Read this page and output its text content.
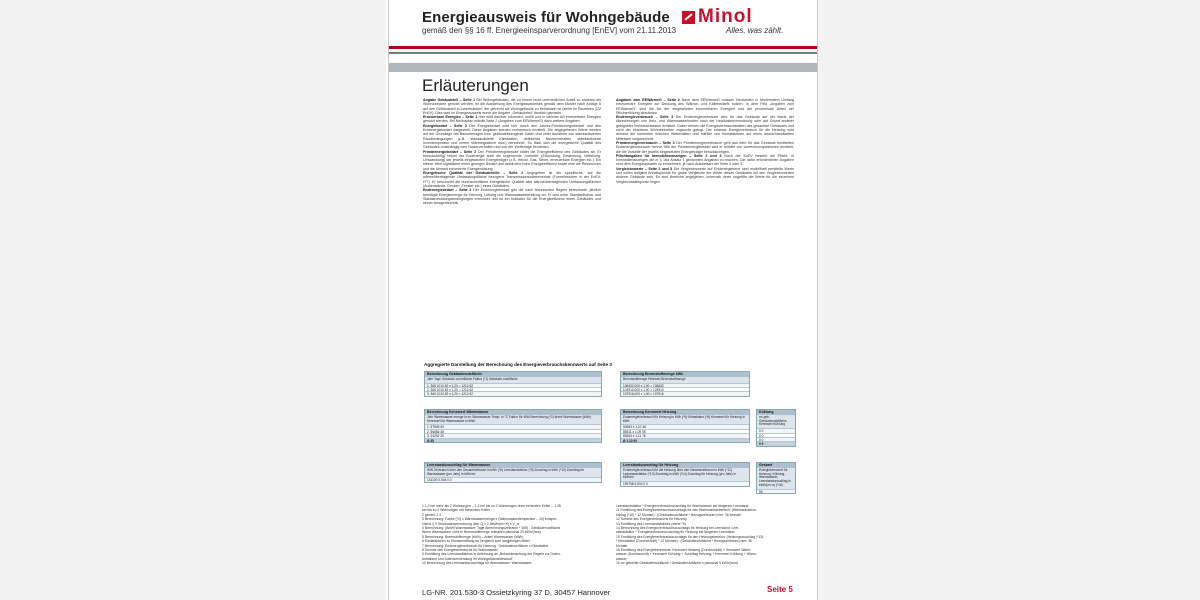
Energieausweis für Wohngebäude
gemäß den §§ 16 ff. Energieeinsparverordnung [EnEV] vom 21.11.2013
Minol
Alles, was zählt.
Erläuterungen

Angabe Gebäudeteil – Seite 1 Bei Wohngebäuden, die zu einem nicht unerheblichen Anteil zu anderen als Wohnzwecken genutzt werden, ist die Ausstellung des Energieausweises gemäß dem Muster nach Anlage 6 auf den Gebäudeteil zu beschränken, der getrennt als Wohngebäude zu behandeln ist (siehe im Einzelnen §22 EnEV). Dies wird im Energieausweis durch die Angabe „Gebäudeteil“ deutlich gemacht.

Erneuerbare Energien – Seite 1 Hier wird darüber informiert, wofür und in welcher Art erneuerbare Energien genutzt werden. Bei Neubauten enthält Seite 2 (Angaben zum EEWärmeG) dazu weitere Angaben.

Energiebedarf – Seite 2 Der Energiebedarf wird hier durch den Jahres-Primärenergiebedarf und den Endenergiebedarf dargestellt. Diese Angaben werden rechnerisch ermittelt. Die angegebenen Werte werden auf der Grundlage der Bauunterlagen bzw. gebäudebezogener Daten und unter Annahme von standardisierten Randbedingungen (z.B. standardisierte Klimadaten, definiertes Nutzerverhalten, standardisierte Innentemperatur und innere Wärmegewinne usw.) berechnet. So lässt sich die energetische Qualität des Gebäudes unabhängig vom Nutzerverhalten und von der Wetterlage beurteilen.

Primärenergiebedarf – Seite 2 Der Primärenergiebedarf bildet die Energieeffizienz des Gebäudes ab. Er berücksichtigt neben der Endenergie auch die sogenannte „Vorkette“ (Erkundung, Gewinnung, Verteilung, Umwandlung) der jeweils eingesetzten Energieträger (z.B. Heizöl, Gas, Strom, erneuerbare Energien etc.). Ein kleiner Wert signalisiert einen geringen Bedarf und damit eine hohe Energieeffizienz sowie eine die Ressourcen und die Umwelt schonende Energienutzung.

Energetische Qualität der Gebäudehülle – Seite 2 Angegeben ist der spezifische, auf die wärmeübertragende Umfassungsfläche bezogene Transmissionswärmeverlust (Formelzeichen in der EnEV: H'T). Er beschreibt die durchschnittliche energetische Qualität aller wärmeübertragenden Umfassungsflächen (Außenwände, Decken, Fenster etc.) eines Gebäudes.

Endenergiebedarf – Seite 2 Der Endenergiebedarf gibt die nach technischen Regeln berechnete, jährlich benötigte Energiemenge für Heizung, Lüftung und Warmwasserbereitung an. Er wird unter Standardklima- und Standardnutzungsbedingungen errechnet und ist ein Indikator für die Energieeffizienz eines Gebäudes und seiner Anlagentechnik.

Angaben zum EEWärmeG – Seite 2 Nach dem EEWärmeG müssen Neubauten in bestimmtem Umfang erneuerbare Energien zur Deckung des Wärme- und Kältebedarfs nutzen. In dem Feld „Angaben zum EEWärmeG“ sind die Art der eingesetzten erneuerbaren Energien und der prozentuale Anteil der Pflichterfüllung abzulesen.

Endenergieverbrauch – Seite 3 Der Endenergieverbrauch wird für das Gebäude auf der Basis der Abrechnungen von Heiz- und Warmwasserkosten nach der Heizkostenverordnung oder auf Grund anderer geeigneter Verbrauchsdaten ermittelt. Dabei werden die Energieverbrauchsdaten des gesamten Gebäudes und nicht der einzelnen Wohneinheiten zugrunde gelegt. Der erfasste Energieverbrauch für die Heizung wird anhand der konkreten örtlichen Wetterdaten und mithilfe von Klimafaktoren auf einen deutschlandweiten Mittelwert umgerechnet.

Primärenergieverbrauch – Seite 3 Der Primärenergieverbrauch geht aus dem für das Gebäude ermittelten Endenergieverbrauch hervor. Wie der Primärenergiebedarf wird er mithilfe von Umrechnungsfaktoren ermittelt, die die Vorkette der jeweils eingesetzten Energieträger berücksichtigen.

Pflichtangaben für Immobilienanzeigen – Seite 2 und 3 Nach der EnEV besteht die Pflicht, in Immobilienanzeigen die in § 16a Absatz 1 genannten Angaben zu machen. Die dafür erforderlichen Angaben sind dem Energieausweis zu entnehmen, je nach Ausweisart der Seite 2 oder 3.

Vergleichswerte – Seite 2 und 3 Die Vergleichswerte auf Endenergiebene sind modellhaft ermittelte Werte und sollen lediglich Anhaltspunkte für grobe Vergleiche der Werte dieses Gebäudes mit den Vergleichswerten anderer Gebäude sein. Es sind Bereiche angegeben, innerhalb derer ungefähr die Werte für die einzelnen Vergleichskategorien liegen.

Aggregierte Darstellung der Berechnung des Energieverbrauchskennwerts auf Seite 3
Berechnung Gebäudenutzfläche
Jahr Tage Gebäude-wohnfläche Faktor (*1) Gebäude-nutzfläche
1. 365 1010,52 x 1,20 = 1212,62
2. 365 1010,52 x 1,20 = 1212,62
3. 365 1010,52 x 1,20 = 1212,62
Berechnung Brennstoffmenge kWh
Brennstoffmenge Heizwert Brennstoffmenge
108432,000 x 1,00 = 108432
124910,000 x 1,00 = 124910
107516,000 x 1,00 = 107516
Berechnung Kennwert Warmwasser
Jahr Warmwasser-menge in m³ Warmwasser Temp. in °C Faktor für WW-Berechnung (*2) Anteil Warmwasser (kWh) Kennwert für Warmwasser in kWh
1. 57849 49
2. 56666 48
3. 24252 20
Ø 35
Berechnung Kennwert Heizung
Endenergieverbrauch für Heizung in kWh (*5) Klimafaktor (*6) Kennwert für Heizung in kWh
50583 x 1,10 46
85911 x 1,09 59
83264 x 1,11 76
Ø 1,10 60
Kühlung
m² geb. Gebäudenutzfläche Kennwert Kühlung
0 0
0 0
0 0
0 0
Leerstandszuschlag für Warmwasser
WW-Verbrauch über den Gesamtzeitraum in kWh (*8) Leerstandsfaktor (*9) Zuschlag in kWh (*10) Zuschlag für Warmwasser (pro Jahr) in kWh/m²
141100 0,004 0 0
Leerstandszuschlag für Heizung
Endenergieverbrauch für die Heizung über den Gesamtzeitraum in kWh (*12) Leerstandsfaktor (*13) Zuschlag in kWh (*14) Zuschlag für Heizung (pro Jahr) in kWh/m²
199758 0,004 0 0
Gesamt
Energiekennwert für Heizung, Kühlung, Warmwasser, Leerstandszuschlag in kWh/(m²·a) (*16)
99
1 1,2 bei mehr als 2 Wohnungen – 1,2 bei bis zu 2 Wohnungen ohne beheizten Keller – 1,35
bei bis zu 2 Wohnungen mit beheiztem Keller
2 gemeß 2.3
3 Berechnung: Faktor (*2) x Warmwassermenge x (Warmwassertemperatur – 10) entspre-
chend § 9 Heizkostenverordnung über Q = 2,5kWh/(m³·K) x V_w
4 Berechnung: (Anteil Warmwasser: Tage Abrechnungszeitraum * 365) : Gebäudenutzfläche
Wenn Warmwasser nicht in Brennstoffmenge enthalten pauschal 20 kWh/(m²a)
5 Berechnung: Brennstoffmenge (kWh) – Anteil Warmwasser (kWh)
6 Klimafaktoren zu Klimaermittlung im Vergleich zum langjährigen Mittel
7 Berechnung: Endenergieverbrauch für Heizung : Gebäudenutzfläche x Klimafaktor
8 Summe des Energieverbrauchs für Warmwasser
9 Ermittlung des Leerstandfaktors in Anlehnung an „Bekanntmachung der Regeln zur Daten-
aufnahme und Datenverwendung im Wohngebäudebestand“
10 Berechnung des Leerstandszuschlags für Warmwasser: Warmwasser-
Leerstandsfaktor * Energieverbrauchszuschlag für Warmwasser bei längerem Leerstand
11 Ermittlung des Energieverbrauchszuschlags für den Warmwasserbereich: (Warmwasserzu-
schlag (*10) * 12 Monate) : (Gebäudenutzfläche * Bezugszeitraum) hier: 36 Monate
12 Summe des Energieverbrauchs für Heizung
13 Ermittlung des Leerstandsfaktors (siehe *9)
14 Berechnung des Energieverbrauchszuschlags für Heizung bei Leerstand: Leer-
standsfaktor * Energieverbrauchszuschlag für Heizung bei längerem Leerstand
15 Ermittlung des Energieverbrauchszuschlags für den Heizungsbereich: (Heizungszuschlag (*13)
* Klimafaktor (Durchschnitt) * 12 Monate) : (Gebäudenutzfläche * Bezugszeitraum) hier: 36
Monate
16 Ermittlung des Energiekennwerts: Kennwert Heizung (Durchschnitt) + Kennwert Warm-
wasser (Durchschnitt) + Kennwert Kühlung + Zuschlag Heizung + Kennwert Kühlung + Warm-
wasser
16 m² gekühlte Gebäudenutzfläche / Gebäudenutzfläche x pauschal 5 kWh/(m²a)
LG-NR. 201.530-3 Ossietzkyring 37 D, 30457 Hannover	Seite 5
